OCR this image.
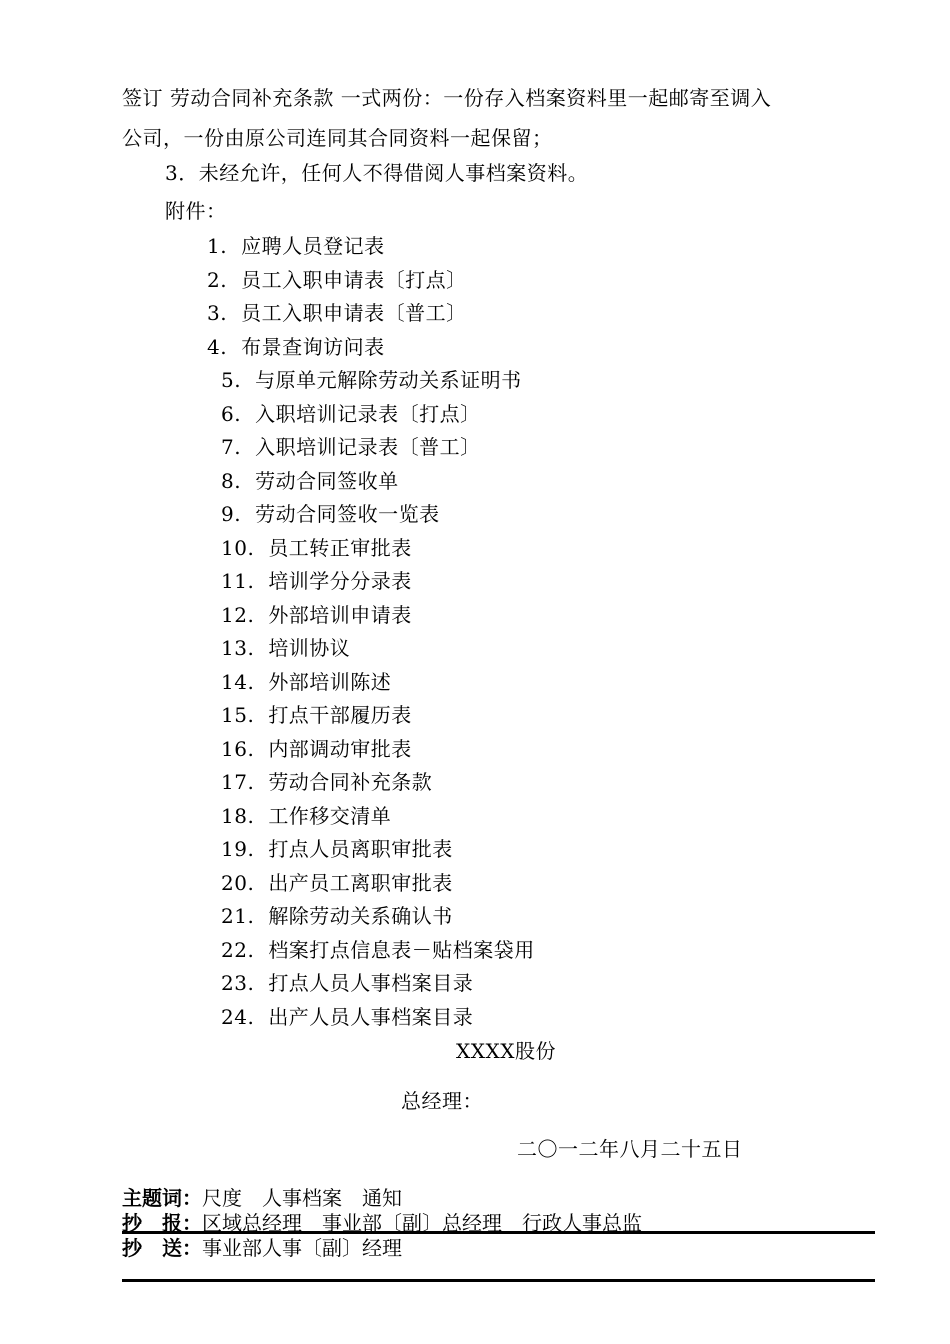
签订 劳动合同补充条款 一式两份：一份存入档案资料里一起邮寄至调入
公司，一份由原公司连同其合同资料一起保留；
3．未经允许，任何人不得借阅人事档案资料。
附件：
1. 应聘人员登记表
2. 员工入职申请表〔打点〕
3. 员工入职申请表〔普工〕
4. 布景查询访问表
5. 与原单元解除劳动关系证明书
6. 入职培训记录表〔打点〕
7. 入职培训记录表〔普工〕
8. 劳动合同签收单
9. 劳动合同签收一览表
10. 员工转正审批表
11. 培训学分分录表
12. 外部培训申请表
13. 培训协议
14. 外部培训陈述
15. 打点干部履历表
16. 内部调动审批表
17. 劳动合同补充条款
18. 工作移交清单
19. 打点人员离职审批表
20. 出产员工离职审批表
21. 解除劳动关系确认书
22. 档案打点信息表－贴档案袋用
23. 打点人员人事档案目录
24. 出产人员人事档案目录
XXXX股份
总经理：
二〇一二年八月二十五日
主题词：尺度　人事档案　通知
抄　报：区域总经理　事业部〔副〕总经理　行政人事总监
抄　送：事业部人事〔副〕经理
